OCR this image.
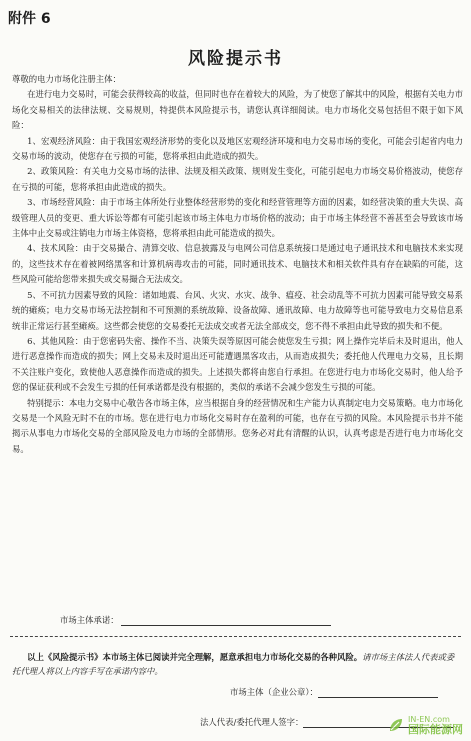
附件 6
风险提示书

尊敬的电力市场化注册主体：

在进行电力交易时，可能会获得较高的收益，但同时也存在着较大的风险，为了使您了解其中的风险，根据有关电力市场化交易相关的法律法规、交易规则，特提供本风险提示书，请您认真详细阅读。电力市场化交易包括但不限于如下风险：

1、宏观经济风险：由于我国宏观经济形势的变化以及地区宏观经济环境和电力交易市场的变化，可能会引起省内电力交易市场的波动，使您存在亏损的可能，您将承担由此造成的损失。

2、政策风险：有关电力交易市场的法律、法规及相关政策、规则发生变化，可能引起电力市场交易价格波动，使您存在亏损的可能，您将承担由此造成的损失。

3、市场经营风险：由于市场主体所处行业整体经营形势的变化和经营管理等方面的因素，如经营决策的重大失误、高级管理人员的变更、重大诉讼等都有可能引起该市场主体电力市场价格的波动；由于市场主体经营不善甚至会导致该市场主体中止交易或注销电力市场主体资格，您将承担由此可能造成的损失。

4、技术风险：由于交易撮合、清算交收、信息披露及与电网公司信息系统接口是通过电子通讯技术和电脑技术来实现的，这些技术存在着被网络黑客和计算机病毒攻击的可能，同时通讯技术、电脑技术和相关软件具有存在缺陷的可能，这些风险可能给您带来损失或交易撮合无法成交。

5、不可抗力因素导致的风险：诸如地震、台风、火灾、水灾、战争、瘟疫、社会动乱等不可抗力因素可能导致交易系统的瘫痪；电力交易市场无法控制和不可预测的系统故障、设备故障、通讯故障、电力故障等也可能导致电力交易信息系统非正常运行甚至瘫痪。这些都会使您的交易委托无法成交或者无法全部成交，您不得不承担由此导致的损失和不便。

6、其他风险：由于您密码失密、操作不当、决策失误等原因可能会使您发生亏损；网上操作完毕后未及时退出，他人进行恶意操作而造成的损失；网上交易未及时退出还可能遭遇黑客攻击，从而造成损失；委托他人代理电力交易，且长期不关注账户变化，致使他人恶意操作而造成的损失。上述损失都将由您自行承担。在您进行电力市场化交易时，他人给予您的保证获利或不会发生亏损的任何承诺都是没有根据的，类似的承诺不会减少您发生亏损的可能。

特别提示：本电力交易中心敬告各市场主体，应当根据自身的经营情况和生产能力认真制定电力交易策略。电力市场化交易是一个风险无时不在的市场。您在进行电力市场化交易时存在盈利的可能，也存在亏损的风险。本风险提示书并不能揭示从事电力市场化交易的全部风险及电力市场的全部情形。您务必对此有清醒的认识，认真考虑是否进行电力市场化交易。

市场主体承诺：
以上《风险提示书》本市场主体已阅读并完全理解，愿意承担电力市场化交易的各种风险。请市场主体法人代表或委托代理人将以上内容手写在承诺内容中。
市场主体（企业公章）：
法人代表/委托代理人签字：	IN-EN.com
国际能源网
